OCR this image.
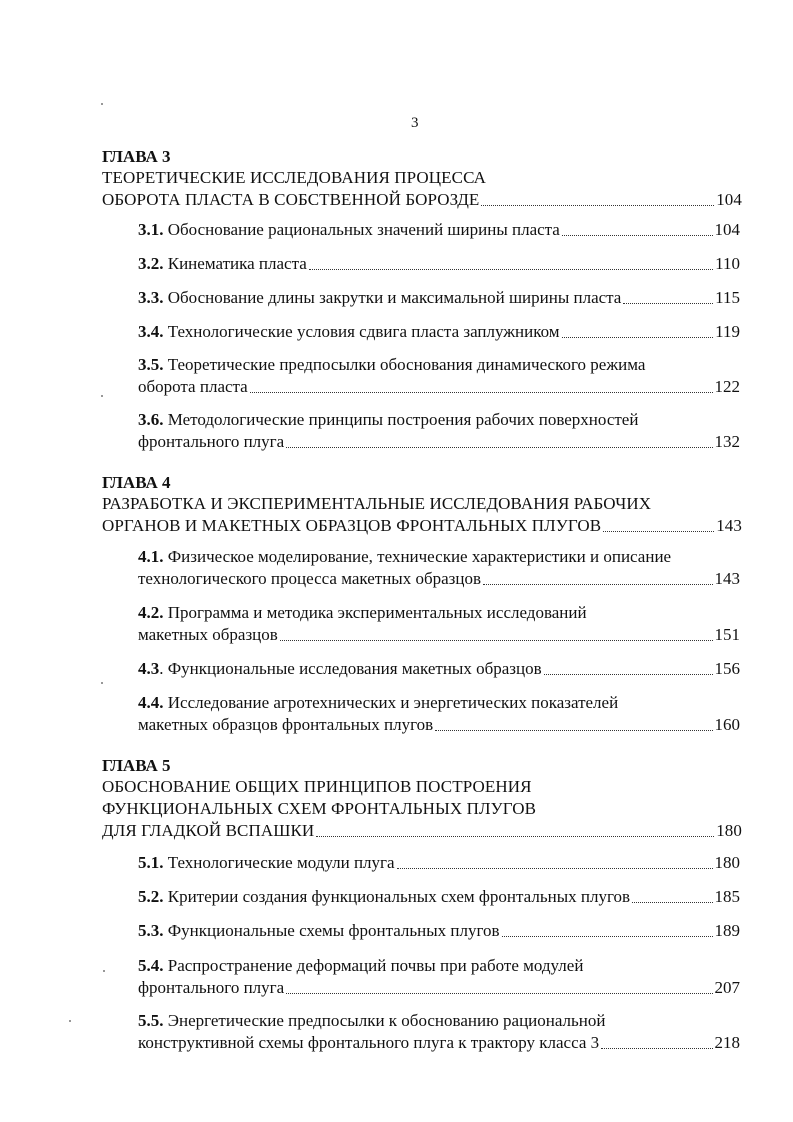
3
ГЛАВА 3
ТЕОРЕТИЧЕСКИЕ ИССЛЕДОВАНИЯ ПРОЦЕССА
ОБОРОТА ПЛАСТА В СОБСТВЕННОЙ БОРОЗДЕ	104
3.1. Обоснование рациональных значений ширины пласта	104
3.2. Кинематика пласта	110
3.3. Обоснование длины закрутки и максимальной ширины пласта	115
3.4. Технологические условия сдвига пласта заплужником	119
3.5. Теоретические предпосылки обоснования динамического режима
оборота пласта	122
3.6. Методологические принципы построения рабочих поверхностей
фронтального плуга	132
ГЛАВА 4
РАЗРАБОТКА И ЭКСПЕРИМЕНТАЛЬНЫЕ ИССЛЕДОВАНИЯ РАБОЧИХ
ОРГАНОВ И МАКЕТНЫХ ОБРАЗЦОВ ФРОНТАЛЬНЫХ ПЛУГОВ	143
4.1. Физическое моделирование, технические характеристики и описание
технологического процесса макетных образцов	143
4.2. Программа и методика экспериментальных исследований
макетных образцов	151
4.3. Функциональные исследования макетных образцов	156
4.4. Исследование агротехнических и энергетических показателей
макетных образцов фронтальных плугов	160
ГЛАВА 5
ОБОСНОВАНИЕ ОБЩИХ ПРИНЦИПОВ ПОСТРОЕНИЯ
ФУНКЦИОНАЛЬНЫХ СХЕМ ФРОНТАЛЬНЫХ ПЛУГОВ
ДЛЯ ГЛАДКОЙ ВСПАШКИ	180
5.1. Технологические модули плуга	180
5.2. Критерии создания функциональных схем фронтальных плугов	185
5.3. Функциональные схемы фронтальных плугов	189
5.4. Распространение деформаций почвы при работе модулей
фронтального плуга	207
5.5. Энергетические предпосылки к обоснованию рациональной
конструктивной схемы фронтального плуга к трактору класса 3	218
